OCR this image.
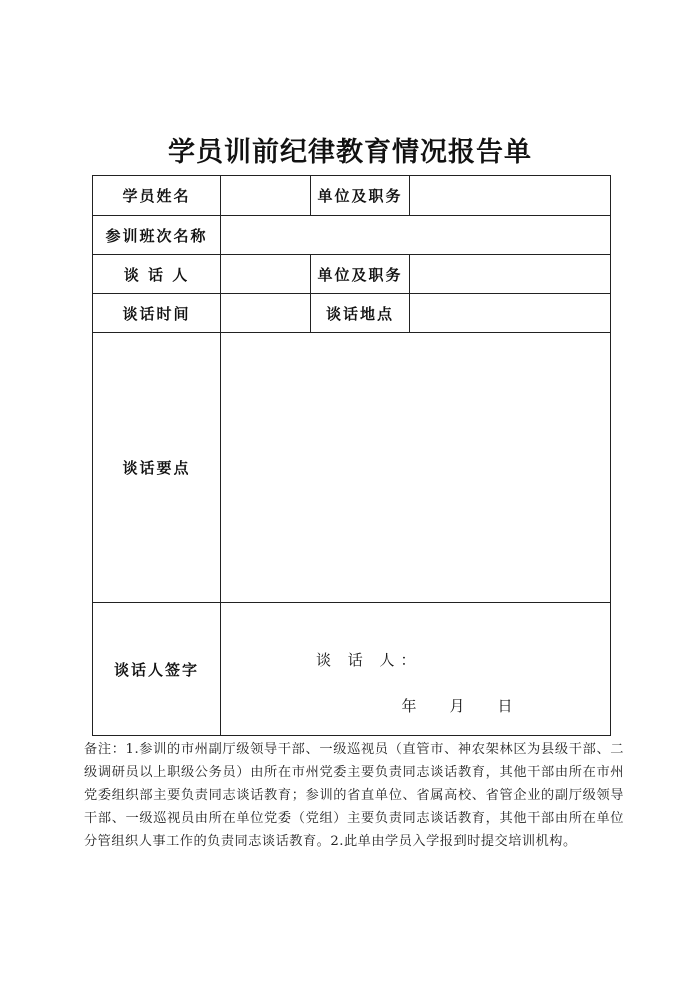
学员训前纪律教育情况报告单
学员姓名		单位及职务	
参训班次名称			
谈 话 人		单位及职务	
谈话时间		谈话地点	
谈话要点			
谈话人签字	谈 话 人：
年 月 日		
备注：1.参训的市州副厅级领导干部、一级巡视员（直管市、神农架林区为县级干部、二级调研员以上职级公务员）由所在市州党委主要负责同志谈话教育，其他干部由所在市州党委组织部主要负责同志谈话教育；参训的省直单位、省属高校、省管企业的副厅级领导干部、一级巡视员由所在单位党委（党组）主要负责同志谈话教育，其他干部由所在单位分管组织人事工作的负责同志谈话教育。2.此单由学员入学报到时提交培训机构。
